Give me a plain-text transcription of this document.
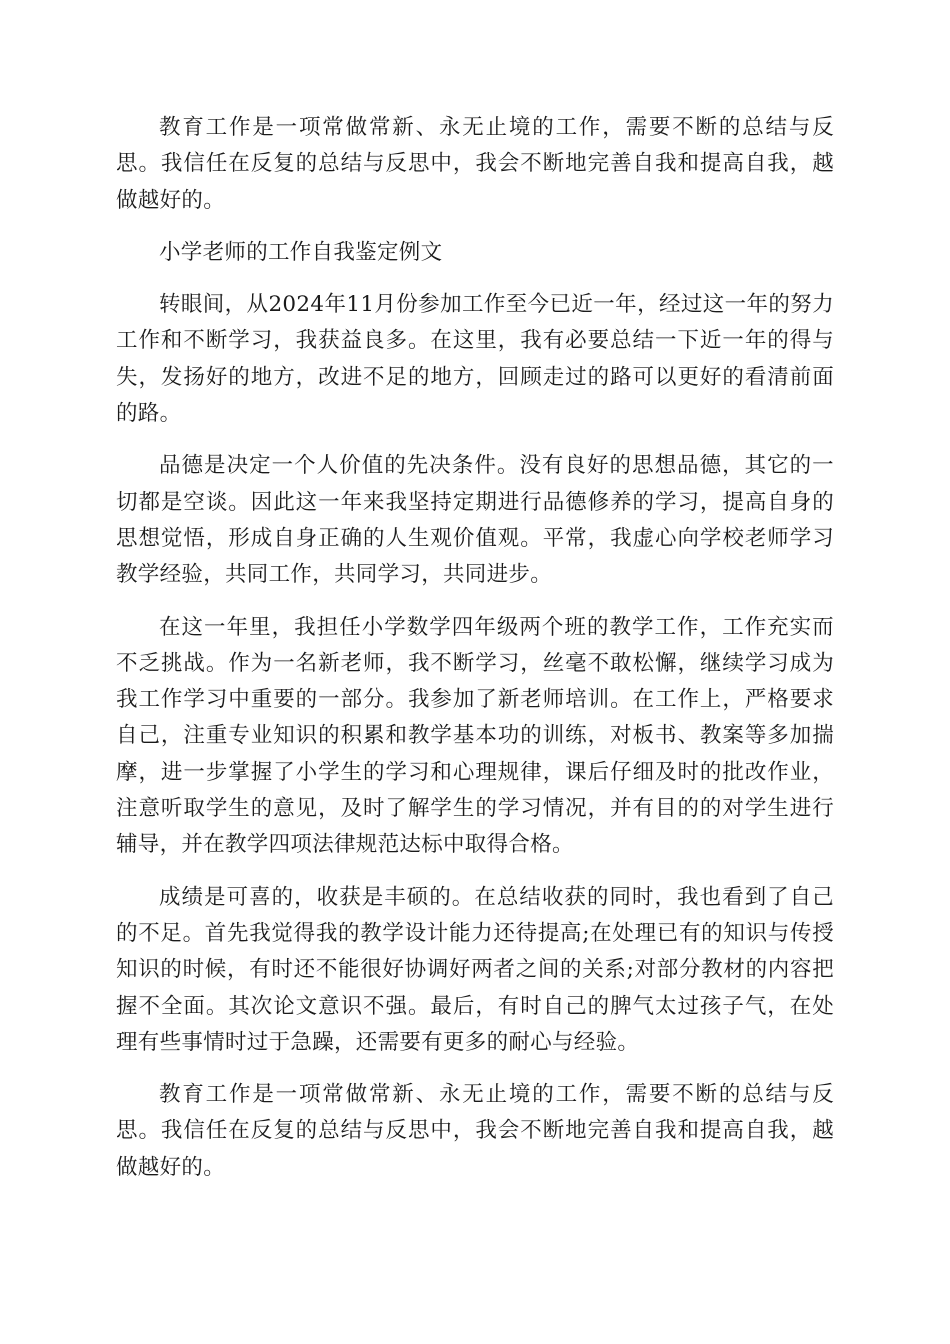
教育工作是一项常做常新、永无止境的工作，需要不断的总结与反思。我信任在反复的总结与反思中，我会不断地完善自我和提高自我，越做越好的。

小学老师的工作自我鉴定例文

转眼间，从2024年11月份参加工作至今已近一年，经过这一年的努力工作和不断学习，我获益良多。在这里，我有必要总结一下近一年的得与失，发扬好的地方，改进不足的地方，回顾走过的路可以更好的看清前面的路。

品德是决定一个人价值的先决条件。没有良好的思想品德，其它的一切都是空谈。因此这一年来我坚持定期进行品德修养的学习，提高自身的思想觉悟，形成自身正确的人生观价值观。平常，我虚心向学校老师学习教学经验，共同工作，共同学习，共同进步。

在这一年里，我担任小学数学四年级两个班的教学工作，工作充实而不乏挑战。作为一名新老师，我不断学习，丝毫不敢松懈，继续学习成为我工作学习中重要的一部分。我参加了新老师培训。在工作上，严格要求自己，注重专业知识的积累和教学基本功的训练，对板书、教案等多加揣摩，进一步掌握了小学生的学习和心理规律，课后仔细及时的批改作业，注意听取学生的意见，及时了解学生的学习情况，并有目的的对学生进行辅导，并在教学四项法律规范达标中取得合格。

成绩是可喜的，收获是丰硕的。在总结收获的同时，我也看到了自己的不足。首先我觉得我的教学设计能力还待提高;在处理已有的知识与传授知识的时候，有时还不能很好协调好两者之间的关系;对部分教材的内容把握不全面。其次论文意识不强。最后，有时自己的脾气太过孩子气，在处理有些事情时过于急躁，还需要有更多的耐心与经验。

教育工作是一项常做常新、永无止境的工作，需要不断的总结与反思。我信任在反复的总结与反思中，我会不断地完善自我和提高自我，越做越好的。
